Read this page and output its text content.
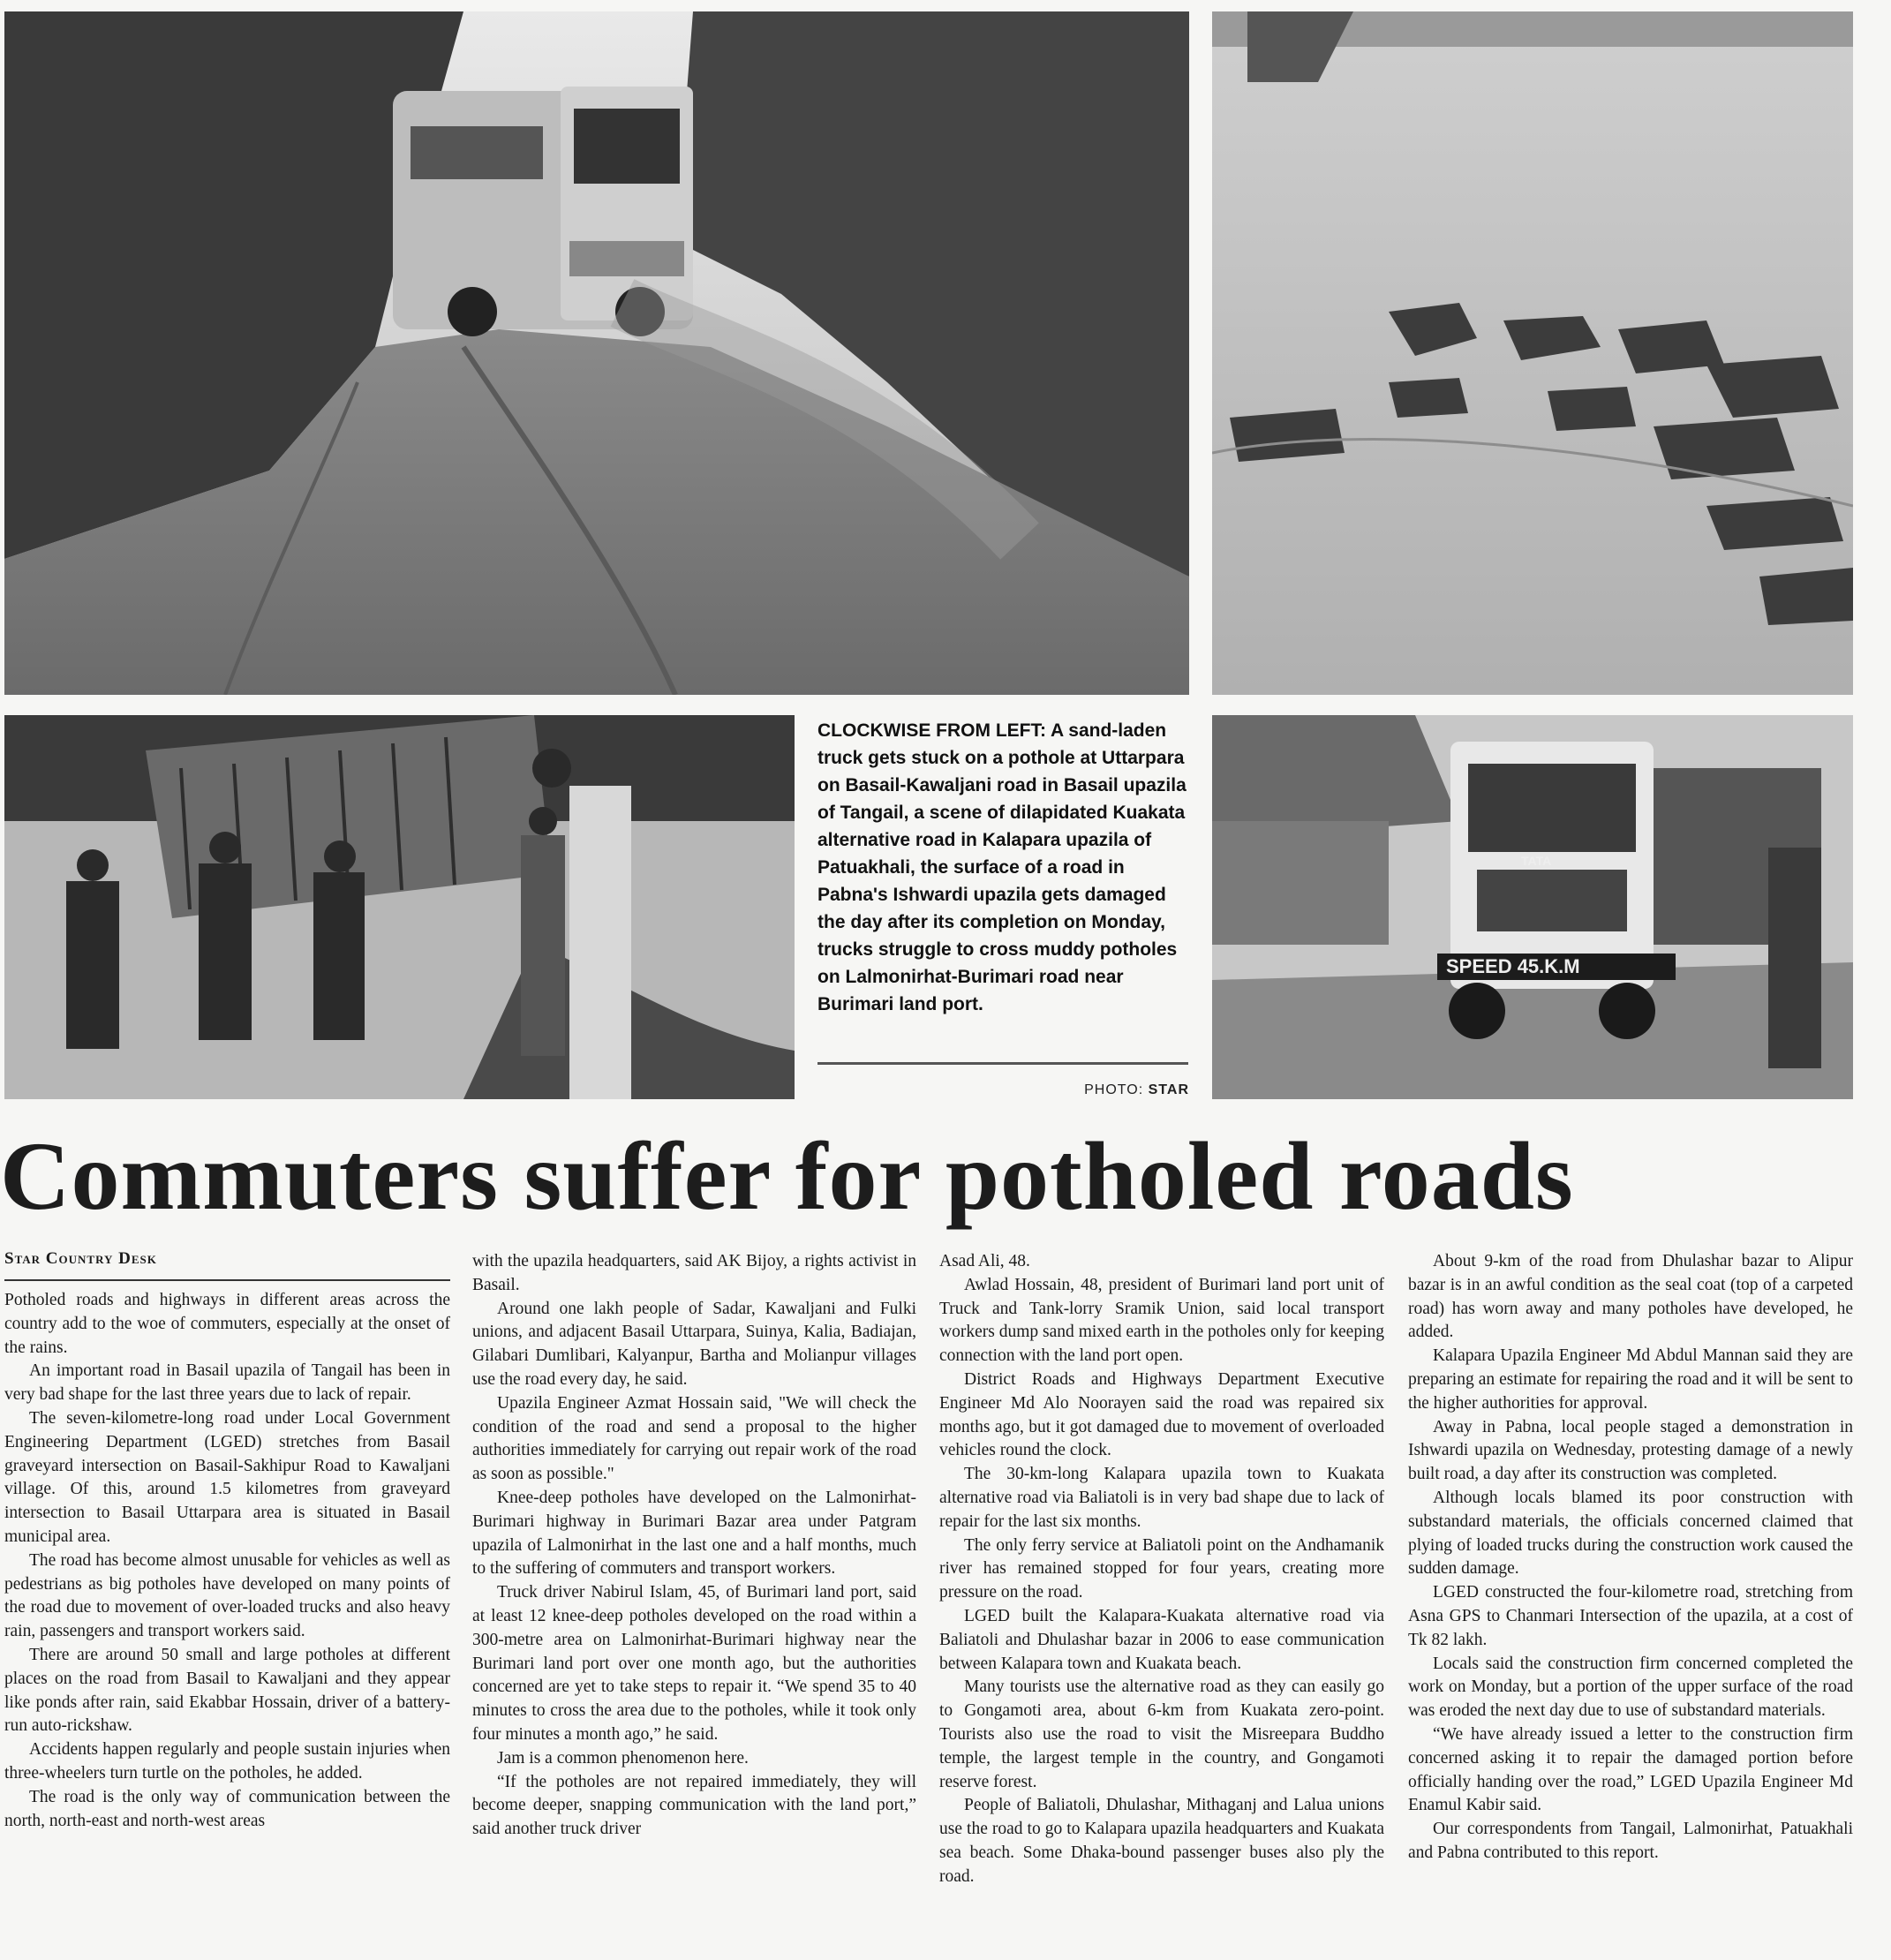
SPEED 45.K.M
TATA
CLOCKWISE FROM LEFT: A sand-laden truck gets stuck on a pothole at Uttarpara on Basail-Kawaljani road in Basail upazila of Tangail, a scene of dilapidated Kuakata alternative road in Kalapara upazila of Patuakhali, the surface of a road in Pabna's Ishwardi upazila gets damaged the day after its completion on Monday, trucks struggle to cross muddy potholes on Lalmonirhat-Burimari road near Burimari land port.
PHOTO: STAR
Commuters suffer for potholed roads
Star Country Desk

Potholed roads and highways in different areas across the country add to the woe of commuters, especially at the onset of the rains.

An important road in Basail upazila of Tangail has been in very bad shape for the last three years due to lack of repair.

The seven-kilometre-long road under Local Government Engineering Department (LGED) stretches from Basail graveyard intersection on Basail-Sakhipur Road to Kawaljani village. Of this, around 1.5 kilometres from graveyard intersection to Basail Uttarpara area is situated in Basail municipal area.

The road has become almost unusable for vehicles as well as pedestrians as big potholes have developed on many points of the road due to movement of over-loaded trucks and also heavy rain, passengers and transport workers said.

There are around 50 small and large potholes at different places on the road from Basail to Kawaljani and they appear like ponds after rain, said Ekabbar Hossain, driver of a battery-run auto-rickshaw.

Accidents happen regularly and people sustain injuries when three-wheelers turn turtle on the potholes, he added.

The road is the only way of communication between the north, north-east and north-west areas

with the upazila headquarters, said AK Bijoy, a rights activist in Basail.

Around one lakh people of Sadar, Kawaljani and Fulki unions, and adjacent Basail Uttarpara, Suinya, Kalia, Badiajan, Gilabari Dumlibari, Kalyanpur, Bartha and Molianpur villages use the road every day, he said.

Upazila Engineer Azmat Hossain said, "We will check the condition of the road and send a proposal to the higher authorities immediately for carrying out repair work of the road as soon as possible."

Knee-deep potholes have developed on the Lalmonirhat-Burimari highway in Burimari Bazar area under Patgram upazila of Lalmonirhat in the last one and a half months, much to the suffering of commuters and transport workers.

Truck driver Nabirul Islam, 45, of Burimari land port, said at least 12 knee-deep potholes developed on the road within a 300-metre area on Lalmonirhat-Burimari highway near the Burimari land port over one month ago, but the authorities concerned are yet to take steps to repair it. “We spend 35 to 40 minutes to cross the area due to the potholes, while it took only four minutes a month ago,” he said.

Jam is a common phenomenon here.

“If the potholes are not repaired immediately, they will become deeper, snapping communication with the land port,” said another truck driver

Asad Ali, 48.

Awlad Hossain, 48, president of Burimari land port unit of Truck and Tank-lorry Sramik Union, said local transport workers dump sand mixed earth in the potholes only for keeping connection with the land port open.

District Roads and Highways Department Executive Engineer Md Alo Noorayen said the road was repaired six months ago, but it got damaged due to movement of overloaded vehicles round the clock.

The 30-km-long Kalapara upazila town to Kuakata alternative road via Baliatoli is in very bad shape due to lack of repair for the last six months.

The only ferry service at Baliatoli point on the Andhamanik river has remained stopped for four years, creating more pressure on the road.

LGED built the Kalapara-Kuakata alternative road via Baliatoli and Dhulashar bazar in 2006 to ease communication between Kalapara town and Kuakata beach.

Many tourists use the alternative road as they can easily go to Gongamoti area, about 6-km from Kuakata zero-point. Tourists also use the road to visit the Misreepara Buddho temple, the largest temple in the country, and Gongamoti reserve forest.

People of Baliatoli, Dhulashar, Mithaganj and Lalua unions use the road to go to Kalapara upazila headquarters and Kuakata sea beach. Some Dhaka-bound passenger buses also ply the road.

About 9-km of the road from Dhulashar bazar to Alipur bazar is in an awful condition as the seal coat (top of a carpeted road) has worn away and many potholes have developed, he added.

Kalapara Upazila Engineer Md Abdul Mannan said they are preparing an estimate for repairing the road and it will be sent to the higher authorities for approval.

Away in Pabna, local people staged a demonstration in Ishwardi upazila on Wednesday, protesting damage of a newly built road, a day after its construction was completed.

Although locals blamed its poor construction with substandard materials, the officials concerned claimed that plying of loaded trucks during the construction work caused the sudden damage.

LGED constructed the four-kilometre road, stretching from Asna GPS to Chanmari Intersection of the upazila, at a cost of Tk 82 lakh.

Locals said the construction firm concerned completed the work on Monday, but a portion of the upper surface of the road was eroded the next day due to use of substandard materials.

“We have already issued a letter to the construction firm concerned asking it to repair the damaged portion before officially handing over the road,” LGED Upazila Engineer Md Enamul Kabir said.

Our correspondents from Tangail, Lalmonirhat, Patuakhali and Pabna contributed to this report.
